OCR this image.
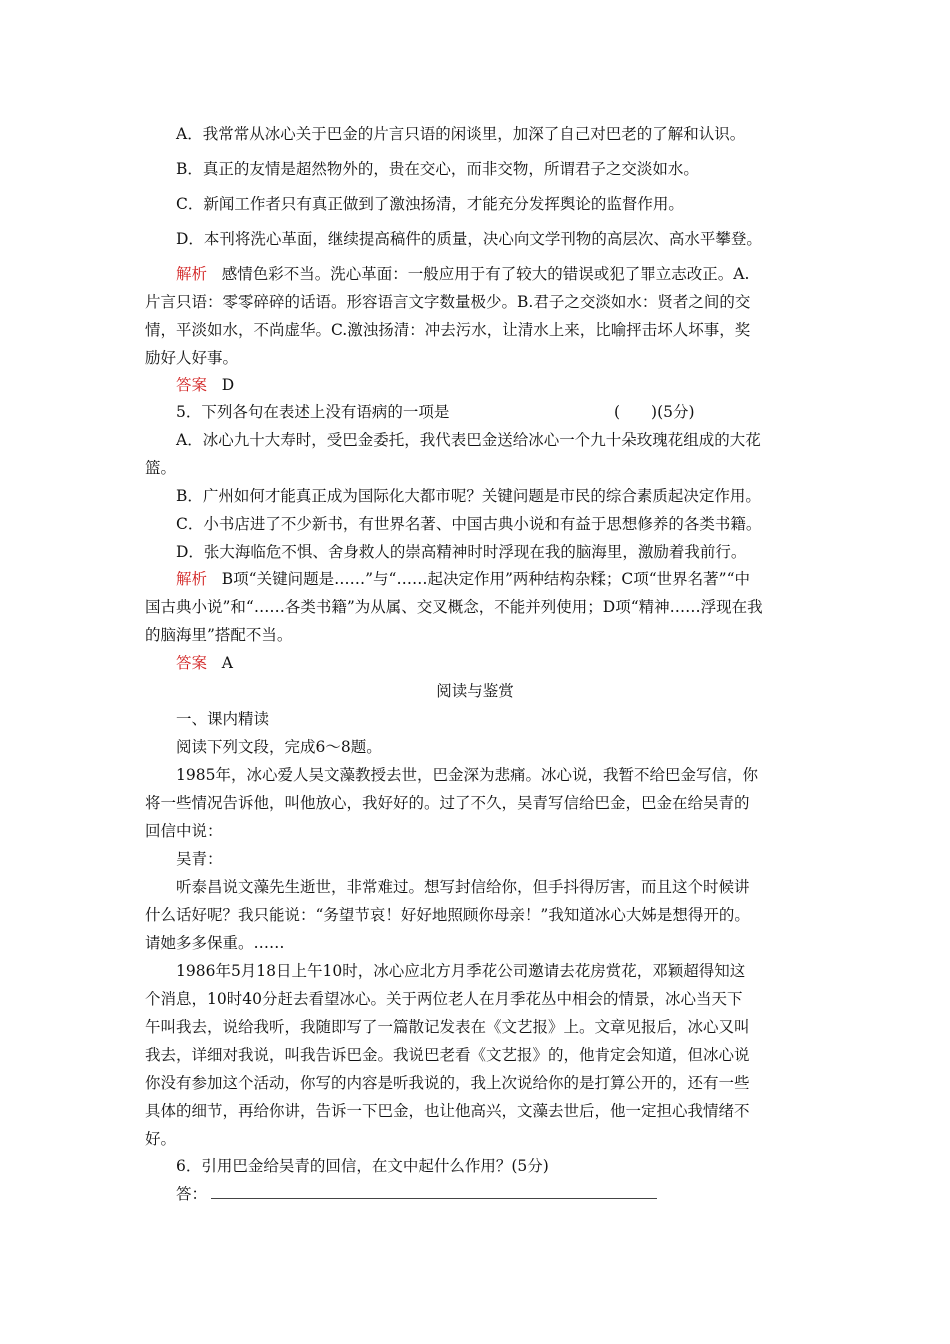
A．我常常从冰心关于巴金的片言只语的闲谈里，加深了自己对巴老的了解和认识。
B．真正的友情是超然物外的，贵在交心，而非交物，所谓君子之交淡如水。
C．新闻工作者只有真正做到了激浊扬清，才能充分发挥舆论的监督作用。
D．本刊将洗心革面，继续提高稿件的质量，决心向文学刊物的高层次、高水平攀登。
解析 感情色彩不当。洗心革面：一般应用于有了较大的错误或犯了罪立志改正。A.
片言只语：零零碎碎的话语。形容语言文字数量极少。B.君子之交淡如水：贤者之间的交
情，平淡如水，不尚虚华。C.激浊扬清：冲去污水，让清水上来，比喻抨击坏人坏事，奖
励好人好事。
答案 D
5．下列各句在表述上没有语病的一项是	(　　)(5分)
A．冰心九十大寿时，受巴金委托，我代表巴金送给冰心一个九十朵玫瑰花组成的大花
篮。
B．广州如何才能真正成为国际化大都市呢？关键问题是市民的综合素质起决定作用。
C．小书店进了不少新书，有世界名著、中国古典小说和有益于思想修养的各类书籍。
D．张大海临危不惧、舍身救人的崇高精神时时浮现在我的脑海里，激励着我前行。
解析 B项“关键问题是……”与“……起决定作用”两种结构杂糅；C项“世界名著”“中
国古典小说”和“……各类书籍”为从属、交叉概念，不能并列使用；D项“精神……浮现在我
的脑海里”搭配不当。
答案 A
阅读与鉴赏
一、课内精读
阅读下列文段，完成6～8题。
1985年，冰心爱人吴文藻教授去世，巴金深为悲痛。冰心说，我暂不给巴金写信，你
将一些情况告诉他，叫他放心，我好好的。过了不久，吴青写信给巴金，巴金在给吴青的
回信中说：
吴青：
听泰昌说文藻先生逝世，非常难过。想写封信给你，但手抖得厉害，而且这个时候讲
什么话好呢？我只能说：“务望节哀！好好地照顾你母亲！”我知道冰心大姊是想得开的。
请她多多保重。……
1986年5月18日上午10时，冰心应北方月季花公司邀请去花房赏花，邓颖超得知这
个消息，10时40分赶去看望冰心。关于两位老人在月季花丛中相会的情景，冰心当天下
午叫我去，说给我听，我随即写了一篇散记发表在《文艺报》上。文章见报后，冰心又叫
我去，详细对我说，叫我告诉巴金。我说巴老看《文艺报》的，他肯定会知道，但冰心说
你没有参加这个活动，你写的内容是听我说的，我上次说给你的是打算公开的，还有一些
具体的细节，再给你讲，告诉一下巴金，也让他高兴，文藻去世后，他一定担心我情绪不
好。
6．引用巴金给吴青的回信，在文中起什么作用？(5分)
答：
